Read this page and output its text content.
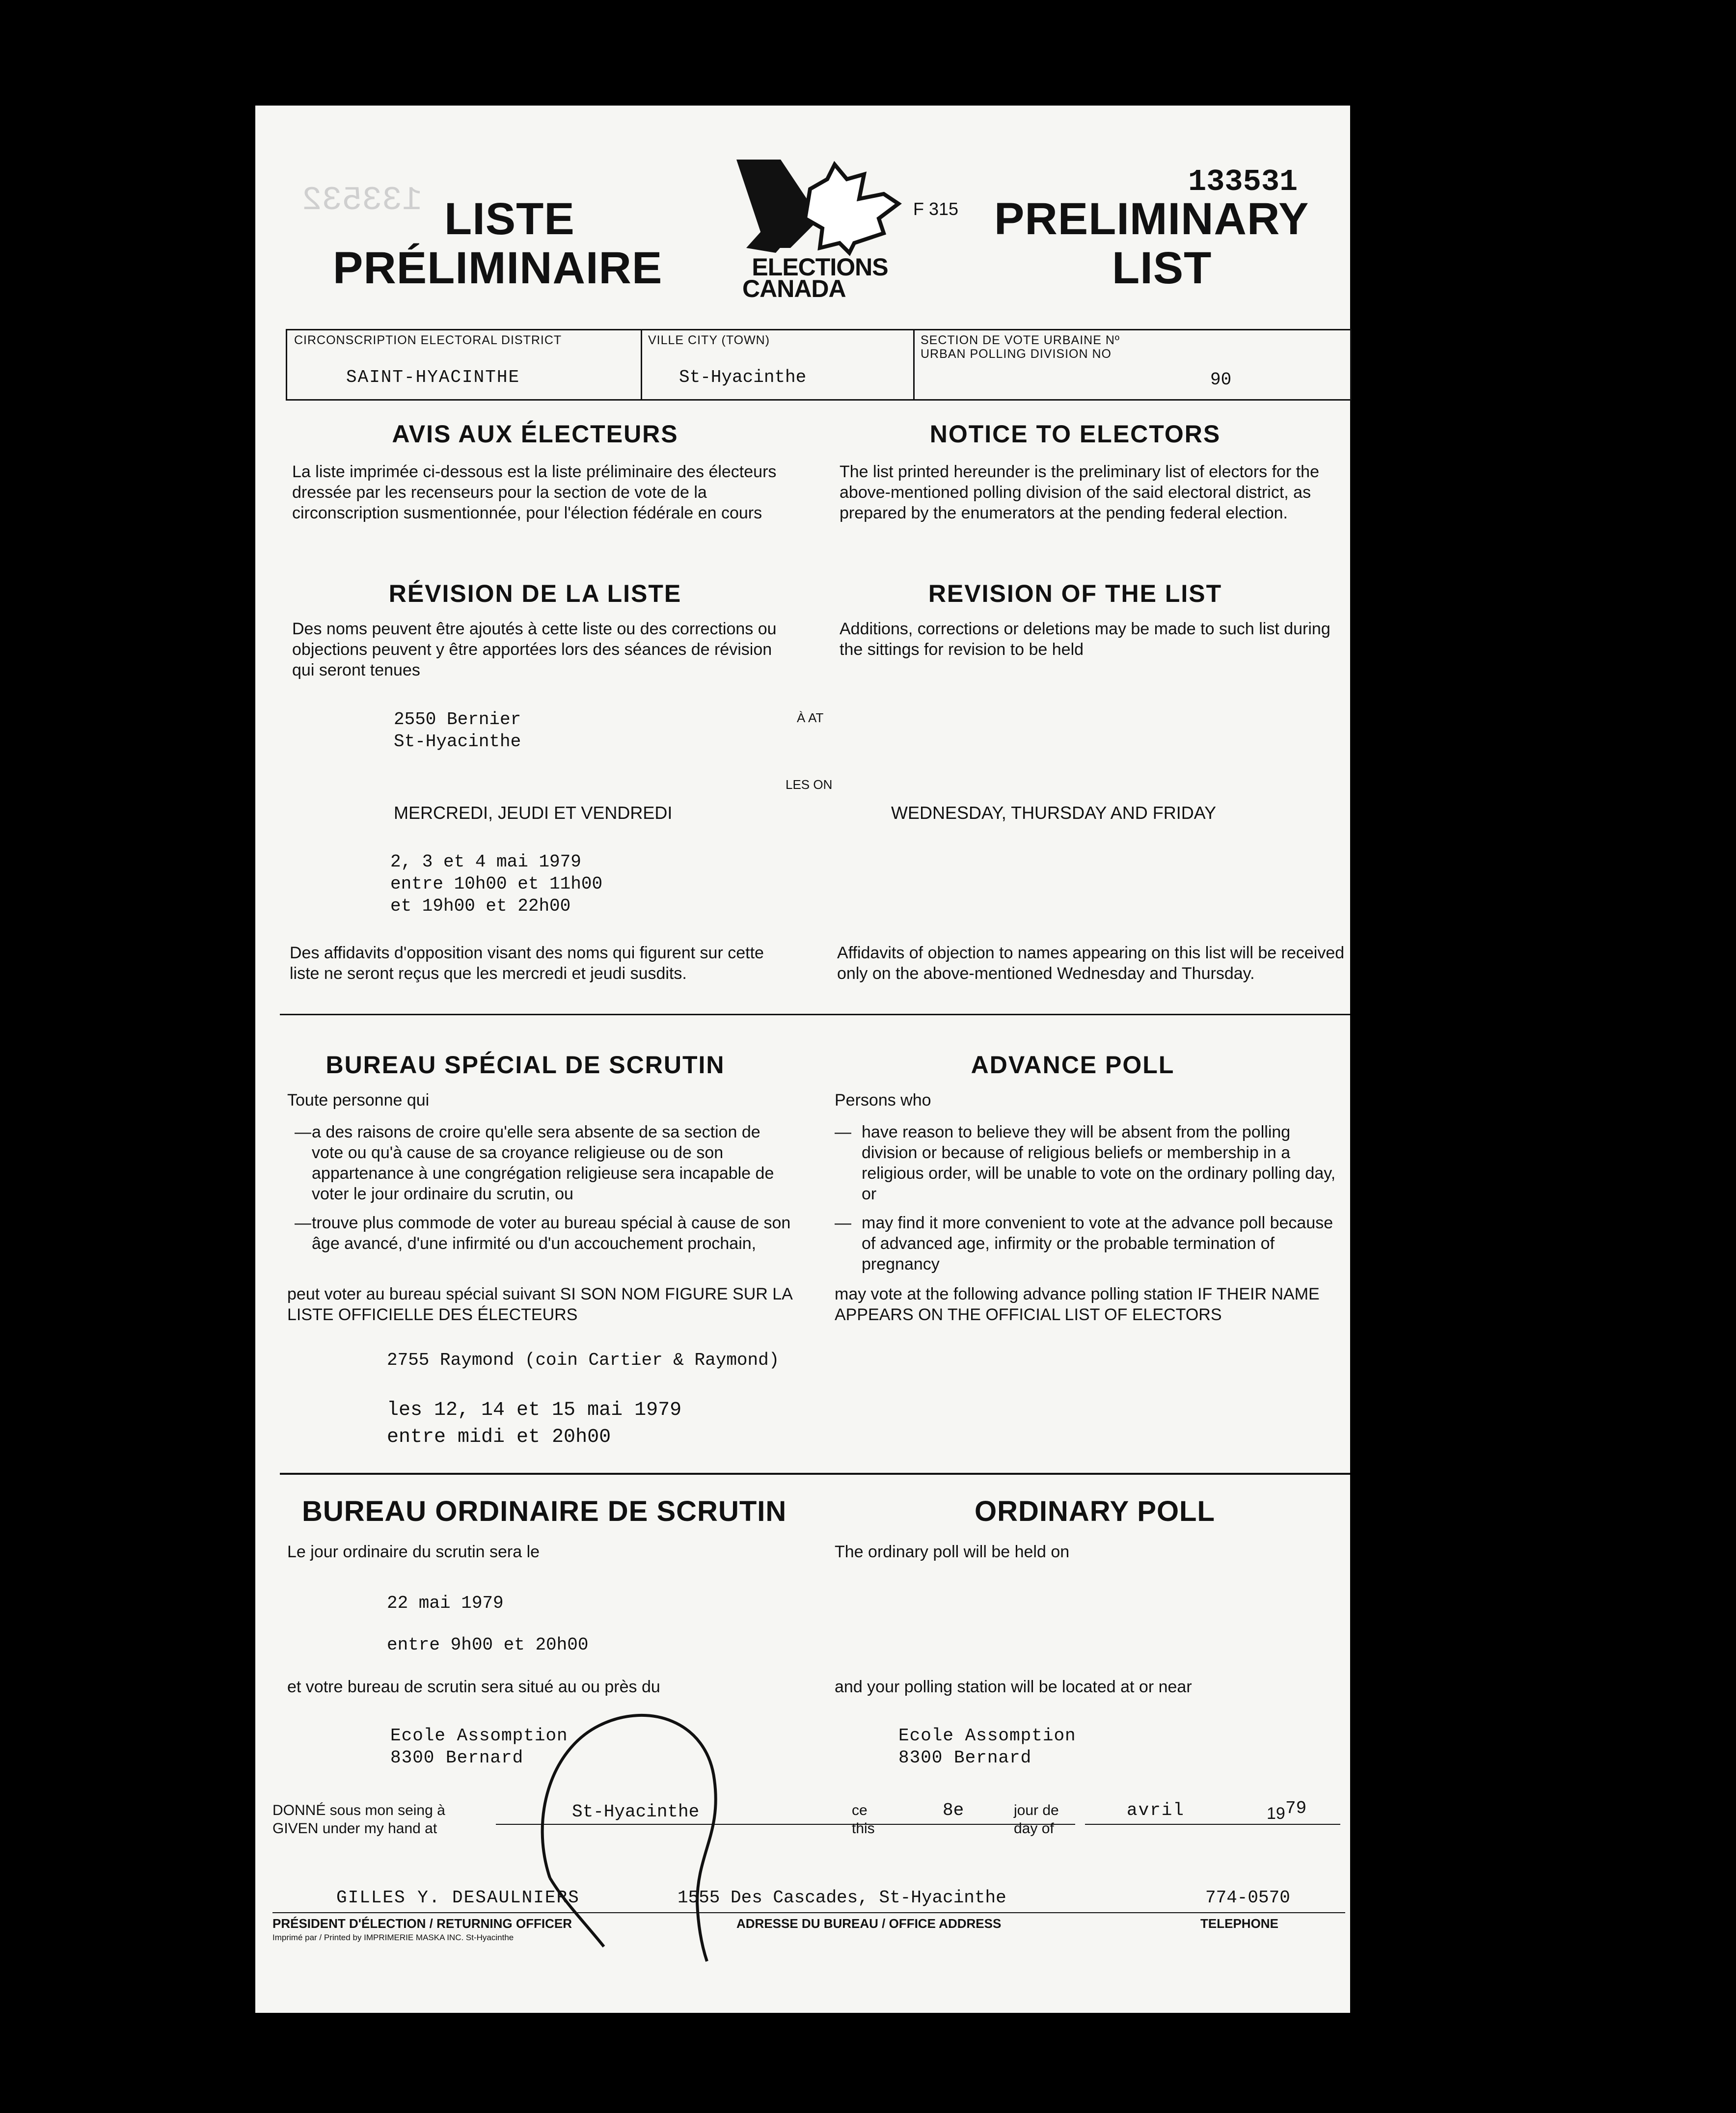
133532 LISTE
PRÉLIMINAIRE	ELECTIONS
CANADA
F 315
133531
PRELIMINARY
LIST
CIRCONSCRIPTION ELECTORAL DISTRICT
SAINT-HYACINTHE
VILLE CITY (TOWN)
St-Hyacinthe
SECTION DE VOTE URBAINE Nº
URBAN POLLING DIVISION NO
90
AVIS AUX ÉLECTEURS
La liste imprimée ci-dessous est la liste préliminaire des électeurs dressée par les recenseurs pour la section de vote de la circonscription susmentionnée, pour l'élection fédérale en cours
NOTICE TO ELECTORS
The list printed hereunder is the preliminary list of electors for the above-mentioned polling division of the said electoral district, as prepared by the enumerators at the pending federal election.
RÉVISION DE LA LISTE
Des noms peuvent être ajoutés à cette liste ou des corrections ou objections peuvent y être apportées lors des séances de révision qui seront tenues
REVISION OF THE LIST
Additions, corrections or deletions may be made to such list during the sittings for revision to be held
2550 Bernier
St-Hyacinthe
À AT
LES ON
MERCREDI, JEUDI ET VENDREDI	WEDNESDAY, THURSDAY AND FRIDAY
2, 3 et 4 mai 1979
entre 10h00 et 11h00
et 19h00 et 22h00
Des affidavits d'opposition visant des noms qui figurent sur cette liste ne seront reçus que les mercredi et jeudi susdits.
Affidavits of objection to names appearing on this list will be received only on the above-mentioned Wednesday and Thursday.
BUREAU SPÉCIAL DE SCRUTIN	ADVANCE POLL
Toute personne qui
— a des raisons de croire qu'elle sera absente de sa section de vote ou qu'à cause de sa croyance religieuse ou de son appartenance à une congrégation religieuse sera incapable de voter le jour ordinaire du scrutin, ou
— trouve plus commode de voter au bureau spécial à cause de son âge avancé, d'une infirmité ou d'un accouchement prochain,
peut voter au bureau spécial suivant SI SON NOM FIGURE SUR LA LISTE OFFICIELLE DES ÉLECTEURS
Persons who
— have reason to believe they will be absent from the polling division or because of religious beliefs or membership in a religious order, will be unable to vote on the ordinary polling day, or
— may find it more convenient to vote at the advance poll because of advanced age, infirmity or the probable termination of pregnancy
may vote at the following advance polling station IF THEIR NAME APPEARS ON THE OFFICIAL LIST OF ELECTORS
2755 Raymond (coin Cartier & Raymond)
les 12, 14 et 15 mai 1979
entre midi et 20h00
BUREAU ORDINAIRE DE SCRUTIN	ORDINARY POLL
Le jour ordinaire du scrutin sera le	The ordinary poll will be held on
22 mai 1979
entre 9h00 et 20h00
et votre bureau de scrutin sera situé au ou près du	and your polling station will be located at or near
Ecole Assomption
8300 Bernard
Ecole Assomption
8300 Bernard
DONNÉ sous mon seing à
GIVEN under my hand at
St-Hyacinthe	ce
this
8e	jour de
day of
avril	19 79
GILLES Y. DESAULNIERS	1555 Des Cascades, St-Hyacinthe	774-0570
PRÉSIDENT D'ÉLECTION / RETURNING OFFICER	ADRESSE DU BUREAU / OFFICE ADDRESS	TELEPHONE
Imprimé par / Printed by IMPRIMERIE MASKA INC. St-Hyacinthe
